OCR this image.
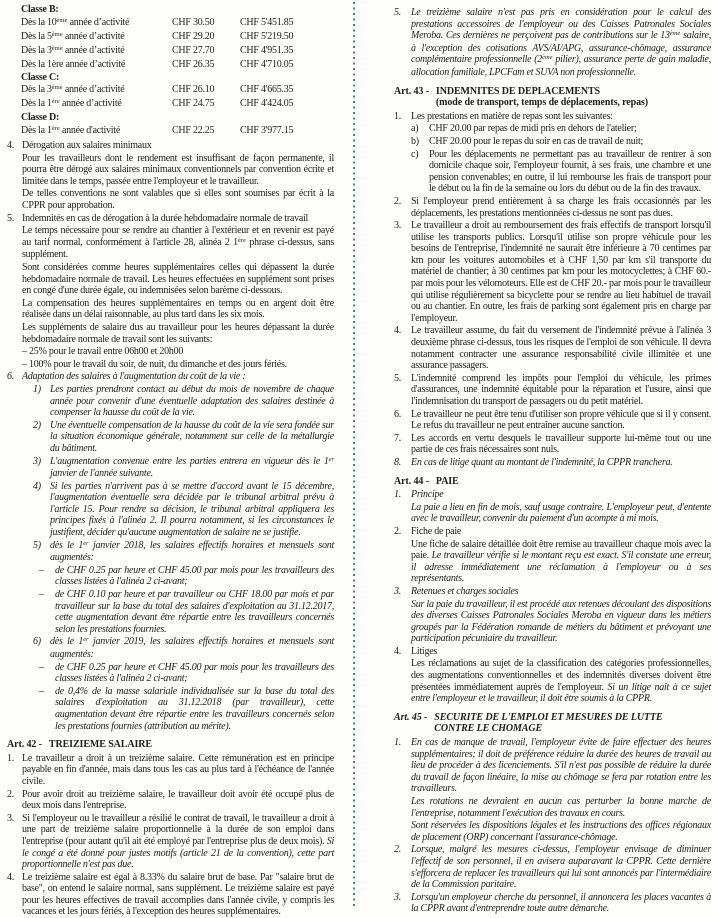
Classe B:
Dès la 10ème année d’activité	CHF 30.50	CHF 5'451.85
Dès la 5ème année d’activité	CHF 29.20	CHF 5'219.50
Dès la 3ème année d’activité	CHF 27.70	CHF 4'951.35
Dès la 1ère année d’activité	CHF 26.35	CHF 4'710.05
Classe C:
Dès la 3ème année d’activité	CHF 26.10	CHF 4'665.35
Dès la 1ère année d’activité	CHF 24.75	CHF 4'424.05
Classe D:
Dès la 1ère année d'activité	CHF 22.25	CHF 3'977.15
4. Dérogation aux salaires minimaux
Pour les travailleurs dont le rendement est insuffisant de façon permanente, il pourra être dérogé aux salaires minimaux conventionnels par convention écrite et limitée dans le temps, passée entre l'employeur et le travailleur.
De telles conventions ne sont valables que si elles sont soumises par écrit à la CPPR pour approbation.
5. Indemnités en cas de dérogation à la durée hebdomadaire normale de travail
Le temps nécessaire pour se rendre au chantier à l'extérieur et en revenir est payé au tarif normal, conformément à l'article 28, alinéa 2 1ère phrase ci-dessus, sans supplément.
Sont considérées comme heures supplémentaires celles qui dépassent la durée hebdomadaire normale de travail. Les heures effectuées en supplément sont prises en congé d'une durée égale, ou indemnisées selon barème ci-dessous.
La compensation des heures supplémentaires en temps ou en argent doit être réalisée dans un délai raisonnable, au plus tard dans les six mois.
Les suppléments de salaire dus au travailleur pour les heures dépassant la durée hebdomadaire normale de travail sont les suivants:
– 25% pour le travail entre 06h00 et 20h00
– 100% pour le travail du soir, de nuit, du dimanche et des jours fériés.
6. Adaptation des salaires à l'augmentation du coût de la vie :
1) Les parties prendront contact au début du mois de novembre de chaque année pour convenir d'une éventuelle adaptation des salaires destinée à compenser la hausse du coût de la vie.
2) Une éventuelle compensation de la hausse du coût de la vie sera fondée sur la situation économique générale, notamment sur celle de la métallurgie du bâtiment.
3) L'augmentation convenue entre les parties entrera en vigueur dès le 1er janvier de l'année suivante.
4) Si les parties n'arrivent pas à se mettre d'accord avant le 15 décembre, l'augmentation éventuelle sera décidée par le tribunal arbitral prévu à l'article 15. Pour rendre sa décision, le tribunal arbitral appliquera les principes fixés à l'alinéa 2. Il pourra notamment, si les circonstances le justifient, décider qu'aucune augmentation de salaire ne se justifie.
5) dès le 1er janvier 2018, les salaires effectifs horaires et mensuels sont augmentés:
–	de CHF 0.25 par heure et CHF 45.00 par mois pour les travailleurs des classes listées à l'alinéa 2 ci-avant;
–	de CHF 0.10 par heure et par travailleur ou CHF 18.00 par mois et par travailleur sur la base du total des salaires d'exploitation au 31.12.2017, cette augmentation devant être répartie entre les travailleurs concernés selon les prestations fournies.
6) dès le 1er janvier 2019, les salaires effectifs horaires et mensuels sont augmentés:
–	de CHF 0.25 par heure et CHF 45.00 par mois pour les travailleurs des classes listées à l'alinéa 2 ci-avant;
–	de 0,4% de la masse salariale individualisée sur la base du total des salaires d'exploitation au 31.12.2018 (par travailleur), cette augmentation devant être répartie entre les travailleurs concernés selon les prestations fournies (attribution au mérite).
Art. 42 - TREIZIEME SALAIRE
1. Le travailleur a droit à un treizième salaire. Cette rémunération est en principe payable en fin d'année, mais dans tous les cas au plus tard à l'échéance de l'année civile.
2. Pour avoir droit au treizième salaire, le travailleur doit avoir été occupé plus de deux mois dans l'entreprise.
3. Si l'employeur ou le travailleur a résilié le contrat de travail, le travailleur a droit à une part de treizième salaire proportionnelle à la durée de son emploi dans l'entreprise (pour autant qu'il ait été employé par l'entreprise plus de deux mois). Si le congé a été donné pour justes motifs (article 21 de la convention), cette part proportionnelle n'est pas due.
4. Le treizième salaire est égal à 8.33% du salaire brut de base. Par "salaire brut de base", on entend le salaire normal, sans supplément. Le treizième salaire est payé pour les heures effectives de travail accomplies dans l'année civile, y compris les vacances et les jours fériés, à l'exception des heures supplémentaires.
5.	Le treizième salaire n'est pas pris en considération pour le calcul des prestations accessoires de l'employeur ou des Caisses Patronales Sociales Meroba. Ces dernières ne perçoivent pas de contributions sur le 13ème salaire, à l'exception des cotisations AVS/AI/APG, assurance-chômage, assurance complémentaire professionnelle (2ème pilier), assurance perte de gain maladie, allocation familiale, LPCFam et SUVA non professionnelle.
Art. 43 - INDEMNITES DE DEPLACEMENTS
(mode de transport, temps de déplacements, repas)
1.	Les prestations en matière de repas sont les suivantes:
a)	CHF 20.00 par repas de midi pris en dehors de l'atelier;
b)	CHF 20.00 pour le repas du soir en cas de travail de nuit;
c)	Pour les déplacements ne permettant pas au travailleur de rentrer à son domicile chaque soir, l'employeur fournit, à ses frais, une chambre et une pension convenables; en outre, il lui rembourse les frais de transport pour le début ou la fin de la semaine ou lors du début ou de la fin des travaux.
2.	Si l'employeur prend entièrement à sa charge les frais occasionnés par les déplacements, les prestations mentionnées ci-dessus ne sont pas dues.
3.	Le travailleur a droit au remboursement des frais effectifs de transport lorsqu'il utilise les transports publics. Lorsqu'il utilise son propre véhicule pour les besoins de l'entreprise, l'indemnité ne saurait être inférieure à 70 centimes par km pour les voitures automobiles et à CHF 1,50 par km s'il transporte du matériel de chantier; à 30 centimes par km pour les motocyclettes; à CHF 60.- par mois pour les vélomoteurs. Elle est de CHF 20.- par mois pour le travailleur qui utilise régulièrement sa bicyclette pour se rendre au lieu habituel de travail ou au chantier. En outre, les frais de parking sont également pris en charge par l'employeur.
4.	Le travailleur assume, du fait du versement de l'indemnité prévue à l'alinéa 3 deuxième phrase ci-dessus, tous les risques de l'emploi de son véhicule. Il devra notamment contracter une assurance responsabilité civile illimitée et une assurance passagers.
5.	L'indemnité comprend les impôts pour l'emploi du véhicule, les primes d'assurances, une indemnité équitable pour la réparation et l'usure, ainsi que l'indemnisation du transport de passagers ou du petit matériel.
6.	Le travailleur ne peut être tenu d'utiliser son propre véhicule que si il y consent. Le refus du travailleur ne peut entraîner aucune sanction.
7.	Les accords en vertu desquels le travailleur supporte lui-même tout ou une partie de ces frais nécessaires sont nuls.
8.	En cas de litige quant au montant de l'indemnité, la CPPR tranchera.
Art. 44 - PAIE
1.	Principe
La paie a lieu en fin de mois, sauf usage contraire. L'employeur peut, d'entente avec le travailleur, convenir du paiement d'un acompte à mi mois.
2.	Fiche de paie
Une fiche de salaire détaillée doit être remise au travailleur chaque mois avec la paie. Le travailleur vérifie si le montant reçu est exact. S'il constate une erreur, il adresse immédiatement une réclamation à l'employeur ou à ses représentants.
3.	Retenues et charges sociales
Sur la paie du travailleur, il est procédé aux retenues découlant des dispositions des diverses Caisses Patronales Sociales Meroba en vigueur dans les métiers groupés par la Fédération romande de métiers du bâtiment et prévoyant une participation pécuniaire du travailleur.
4.	Litiges
Les réclamations au sujet de la classification des catégories professionnelles, des augmentations conventionnelles et des indemnités diverses doivent être présentées immédiatement auprès de l'employeur. Si un litige naît à ce sujet entre l'employeur et le travailleur, il doit être soumis à la CPPR.
Art. 45 - SECURITE DE L'EMPLOI ET MESURES DE LUTTE
CONTRE LE CHOMAGE
1.	En cas de manque de travail, l'employeur évite de faire effectuer des heures supplémentaires; il doit de préférence réduire la durée des heures de travail au lieu de procéder à des licenciements. S'il n'est pas possible de réduire la durée du travail de façon linéaire, la mise au chômage se fera par rotation entre les travailleurs.
Les rotations ne devraient en aucun cas perturber la bonne marche de l'entreprise, notamment l'exécution des travaux en cours.
Sont réservées les dispositions légales et les instructions des offices régionaux de placement (ORP) concernant l'assurance-chômage.
2.	Lorsque, malgré les mesures ci-dessus, l'employeur envisage de diminuer l'effectif de son personnel, il en avisera auparavant la CPPR. Cette dernière s'efforcera de replacer les travailleurs qui lui sont annoncés par l'intermédiaire de la Commission paritaire.
3.	Lorsqu'un employeur cherche du personnel, il annoncera les places vacantes à la CPPR avant d'entreprendre toute autre démarche.
